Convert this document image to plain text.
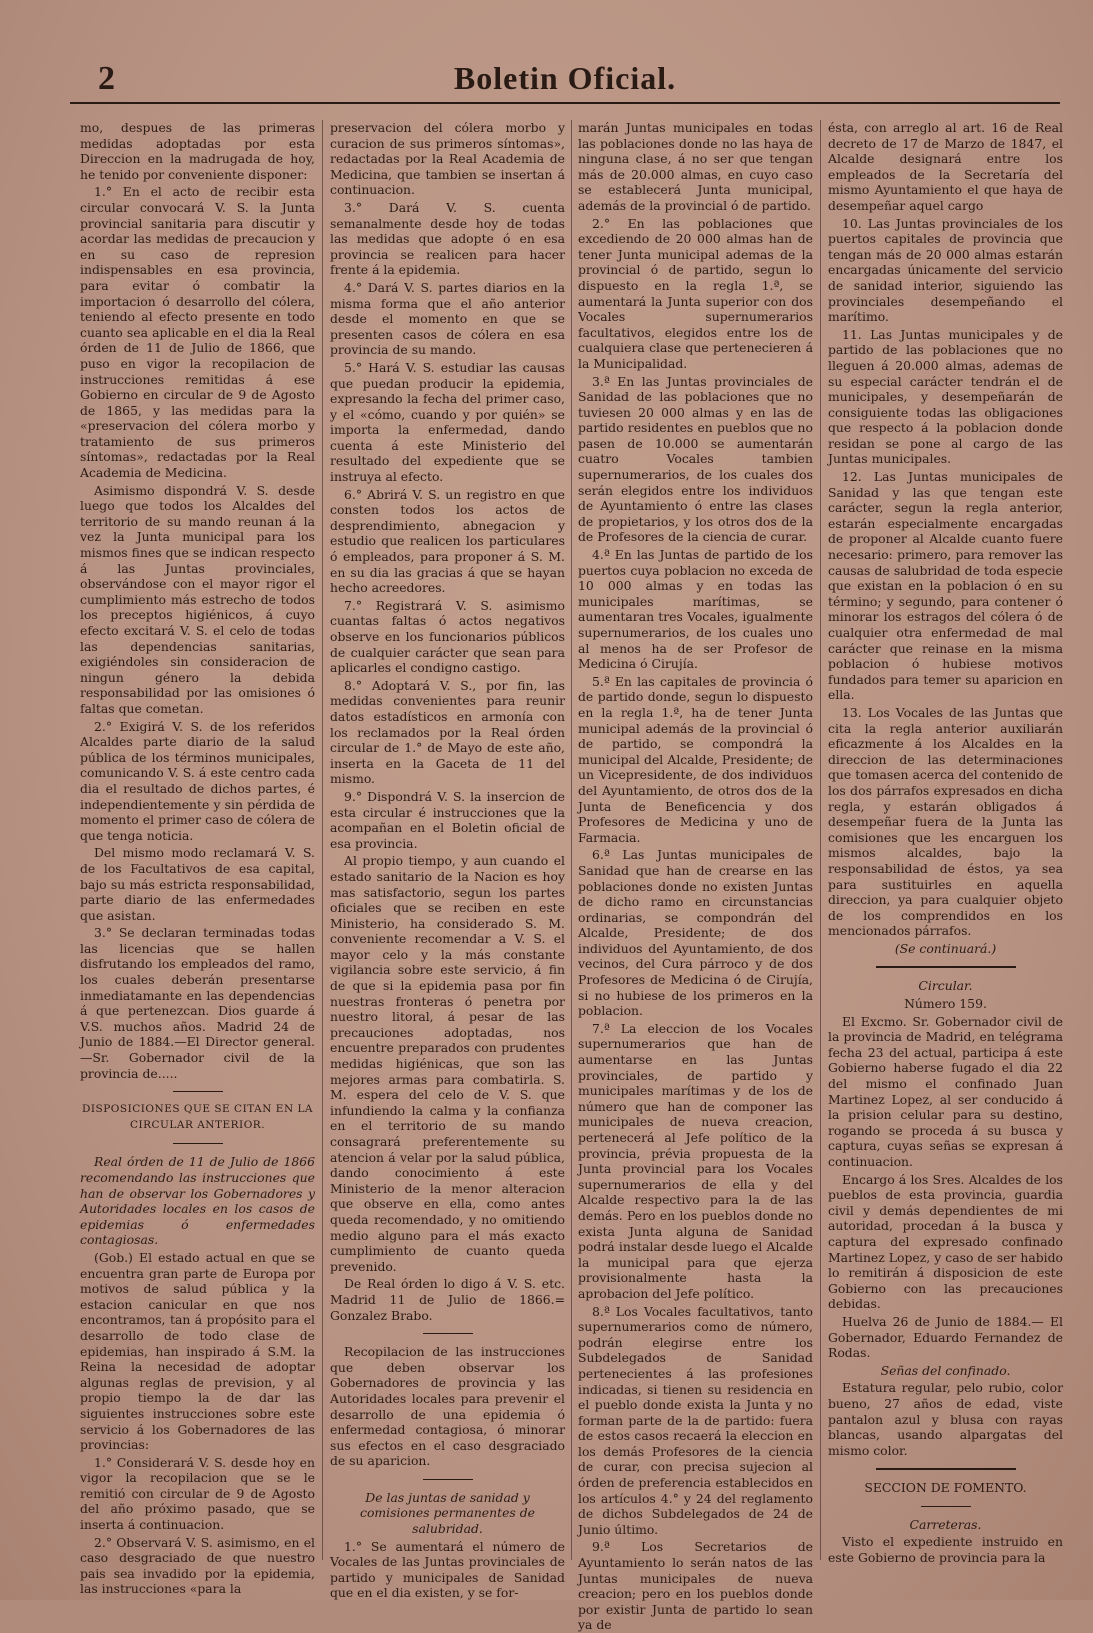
2	Boletin Oficial.

mo, despues de las primeras medidas adoptadas por esta Direccion en la madrugada de hoy, he tenido por conveniente disponer:

1.° En el acto de recibir esta circular convocará V. S. la Junta provincial sanitaria para discutir y acordar las medidas de precaucion y en su caso de represion indispensables en esa provincia, para evitar ó combatir la importacion ó desarrollo del cólera, teniendo al efecto presente en todo cuanto sea aplicable en el dia la Real órden de 11 de Julio de 1866, que puso en vigor la recopilacion de instrucciones remitidas á ese Gobierno en circular de 9 de Agosto de 1865, y las medidas para la «preservacion del cólera morbo y tratamiento de sus primeros síntomas», redactadas por la Real Academia de Medicina.

Asimismo dispondrá V. S. desde luego que todos los Alcaldes del territorio de su mando reunan á la vez la Junta municipal para los mismos fines que se indican respecto á las Juntas provinciales, observándose con el mayor rigor el cumplimiento más estrecho de todos los preceptos higiénicos, á cuyo efecto excitará V. S. el celo de todas las dependencias sanitarias, exigiéndoles sin consideracion de ningun género la debida responsabilidad por las omisiones ó faltas que cometan.

2.° Exigirá V. S. de los referidos Alcaldes parte diario de la salud pública de los términos municipales, comunicando V. S. á este centro cada dia el resultado de dichos partes, é independientemente y sin pérdida de momento el primer caso de cólera de que tenga noticia.

Del mismo modo reclamará V. S. de los Facultativos de esa capital, bajo su más estricta responsabilidad, parte diario de las enfermedades que asistan.

3.° Se declaran terminadas todas las licencias que se hallen disfrutando los empleados del ramo, los cuales deberán presentarse inmediatamante en las dependencias á que pertenezcan. Dios guarde á V.S. muchos años. Madrid 24 de Junio de 1884.—El Director general. —Sr. Gobernador civil de la provincia de.....

DISPOSICIONES QUE SE CITAN EN LA CIRCULAR ANTERIOR.

Real órden de 11 de Julio de 1866 recomendando las instrucciones que han de observar los Gobernadores y Autoridades locales en los casos de epidemias ó enfermedades contagiosas.

(Gob.) El estado actual en que se encuentra gran parte de Europa por motivos de salud pública y la estacion canicular en que nos encontramos, tan á propósito para el desarrollo de todo clase de epidemias, han inspirado á S.M. la Reina la necesidad de adoptar algunas reglas de prevision, y al propio tiempo la de dar las siguientes instrucciones sobre este servicio á los Gobernadores de las provincias:

1.° Considerará V. S. desde hoy en vigor la recopilacion que se le remitió con circular de 9 de Agosto del año próximo pasado, que se inserta á continuacion.

2.° Observará V. S. asimismo, en el caso desgraciado de que nuestro pais sea invadido por la epidemia, las instrucciones «para la

preservacion del cólera morbo y curacion de sus primeros síntomas», redactadas por la Real Academia de Medicina, que tambien se insertan á continuacion.

3.° Dará V. S. cuenta semanalmente desde hoy de todas las medidas que adopte ó en esa provincia se realicen para hacer frente á la epidemia.

4.° Dará V. S. partes diarios en la misma forma que el año anterior desde el momento en que se presenten casos de cólera en esa provincia de su mando.

5.° Hará V. S. estudiar las causas que puedan producir la epidemia, expresando la fecha del primer caso, y el «cómo, cuando y por quién» se importa la enfermedad, dando cuenta á este Ministerio del resultado del expediente que se instruya al efecto.

6.° Abrirá V. S. un registro en que consten todos los actos de desprendimiento, abnegacion y estudio que realicen los particulares ó empleados, para proponer á S. M. en su dia las gracias á que se hayan hecho acreedores.

7.° Registrará V. S. asimismo cuantas faltas ó actos negativos observe en los funcionarios públicos de cualquier carácter que sean para aplicarles el condigno castigo.

8.° Adoptará V. S., por fin, las medidas convenientes para reunir datos estadísticos en armonía con los reclamados por la Real órden circular de 1.° de Mayo de este año, inserta en la Gaceta de 11 del mismo.

9.° Dispondrá V. S. la insercion de esta circular é instrucciones que la acompañan en el Boletin oficial de esa provincia.

Al propio tiempo, y aun cuando el estado sanitario de la Nacion es hoy mas satisfactorio, segun los partes oficiales que se reciben en este Ministerio, ha considerado S. M. conveniente recomendar a V. S. el mayor celo y la más constante vigilancia sobre este servicio, á fin de que si la epidemia pasa por fin nuestras fronteras ó penetra por nuestro litoral, á pesar de las precauciones adoptadas, nos encuentre preparados con prudentes medidas higiénicas, que son las mejores armas para combatirla. S. M. espera del celo de V. S. que infundiendo la calma y la confianza en el territorio de su mando consagrará preferentemente su atencion á velar por la salud pública, dando conocimiento á este Ministerio de la menor alteracion que observe en ella, como antes queda recomendado, y no omitiendo medio alguno para el más exacto cumplimiento de cuanto queda prevenido.

De Real órden lo digo á V. S. etc. Madrid 11 de Julio de 1866.= Gonzalez Brabo.

Recopilacion de las instrucciones que deben observar los Gobernadores de provincia y las Autoridades locales para prevenir el desarrollo de una epidemia ó enfermedad contagiosa, ó minorar sus efectos en el caso desgraciado de su aparicion.

De las juntas de sanidad y comisiones permanentes de salubridad.

1.° Se aumentará el número de Vocales de las Juntas provinciales de partido y municipales de Sanidad que en el dia existen, y se for-

marán Juntas municipales en todas las poblaciones donde no las haya de ninguna clase, á no ser que tengan más de 20.000 almas, en cuyo caso se establecerá Junta municipal, además de la provincial ó de partido.

2.° En las poblaciones que excediendo de 20 000 almas han de tener Junta municipal ademas de la provincial ó de partido, segun lo dispuesto en la regla 1.ª, se aumentará la Junta superior con dos Vocales supernumerarios facultativos, elegidos entre los de cualquiera clase que pertenecieren á la Municipalidad.

3.ª En las Juntas provinciales de Sanidad de las poblaciones que no tuviesen 20 000 almas y en las de partido residentes en pueblos que no pasen de 10.000 se aumentarán cuatro Vocales tambien supernumerarios, de los cuales dos serán elegidos entre los individuos de Ayuntamiento ó entre las clases de propietarios, y los otros dos de la de Profesores de la ciencia de curar.

4.ª En las Juntas de partido de los puertos cuya poblacion no exceda de 10 000 almas y en todas las municipales marítimas, se aumentaran tres Vocales, igualmente supernumerarios, de los cuales uno al menos ha de ser Profesor de Medicina ó Cirujía.

5.ª En las capitales de provincia ó de partido donde, segun lo dispuesto en la regla 1.ª, ha de tener Junta municipal además de la provincial ó de partido, se compondrá la municipal del Alcalde, Presidente; de un Vicepresidente, de dos individuos del Ayuntamiento, de otros dos de la Junta de Beneficencia y dos Profesores de Medicina y uno de Farmacia.

6.ª Las Juntas municipales de Sanidad que han de crearse en las poblaciones donde no existen Juntas de dicho ramo en circunstancias ordinarias, se compondrán del Alcalde, Presidente; de dos individuos del Ayuntamiento, de dos vecinos, del Cura párroco y de dos Profesores de Medicina ó de Cirujía, si no hubiese de los primeros en la poblacion.

7.ª La eleccion de los Vocales supernumerarios que han de aumentarse en las Juntas provinciales, de partido y municipales marítimas y de los de número que han de componer las municipales de nueva creacion, pertenecerá al Jefe político de la provincia, prévia propuesta de la Junta provincial para los Vocales supernumerarios de ella y del Alcalde respectivo para la de las demás. Pero en los pueblos donde no exista Junta alguna de Sanidad podrá instalar desde luego el Alcalde la municipal para que ejerza provisionalmente hasta la aprobacion del Jefe político.

8.ª Los Vocales facultativos, tanto supernumerarios como de número, podrán elegirse entre los Subdelegados de Sanidad pertenecientes á las profesiones indicadas, si tienen su residencia en el pueblo donde exista la Junta y no forman parte de la de partido: fuera de estos casos recaerá la eleccion en los demás Profesores de la ciencia de curar, con precisa sujecion al órden de preferencia establecidos en los artículos 4.° y 24 del reglamento de dichos Subdelegados de 24 de Junio último.

9.ª Los Secretarios de Ayuntamiento lo serán natos de las Juntas municipales de nueva creacion; pero en los pueblos donde por existir Junta de partido lo sean ya de

ésta, con arreglo al art. 16 de Real decreto de 17 de Marzo de 1847, el Alcalde designará entre los empleados de la Secretaría del mismo Ayuntamiento el que haya de desempeñar aquel cargo

10. Las Juntas provinciales de los puertos capitales de provincia que tengan más de 20 000 almas estarán encargadas únicamente del servicio de sanidad interior, siguiendo las provinciales desempeñando el marítimo.

11. Las Juntas municipales y de partido de las poblaciones que no lleguen á 20.000 almas, ademas de su especial carácter tendrán el de municipales, y desempeñarán de consiguiente todas las obligaciones que respecto á la poblacion donde residan se pone al cargo de las Juntas municipales.

12. Las Juntas municipales de Sanidad y las que tengan este carácter, segun la regla anterior, estarán especialmente encargadas de proponer al Alcalde cuanto fuere necesario: primero, para remover las causas de salubridad de toda especie que existan en la poblacion ó en su término; y segundo, para contener ó minorar los estragos del cólera ó de cualquier otra enfermedad de mal carácter que reinase en la misma poblacion ó hubiese motivos fundados para temer su aparicion en ella.

13. Los Vocales de las Juntas que cita la regla anterior auxiliarán eficazmente á los Alcaldes en la direccion de las determinaciones que tomasen acerca del contenido de los dos párrafos expresados en dicha regla, y estarán obligados á desempeñar fuera de la Junta las comisiones que les encarguen los mismos alcaldes, bajo la responsabilidad de éstos, ya sea para sustituirles en aquella direccion, ya para cualquier objeto de los comprendidos en los mencionados párrafos.

(Se continuará.)

Circular.

Número 159.

El Excmo. Sr. Gobernador civil de la provincia de Madrid, en telégrama fecha 23 del actual, participa á este Gobierno haberse fugado el dia 22 del mismo el confinado Juan Martinez Lopez, al ser conducido á la prision celular para su destino, rogando se proceda á su busca y captura, cuyas señas se expresan á continuacion.

Encargo á los Sres. Alcaldes de los pueblos de esta provincia, guardia civil y demás dependientes de mi autoridad, procedan á la busca y captura del expresado confinado Martinez Lopez, y caso de ser habido lo remitirán á disposicion de este Gobierno con las precauciones debidas.

Huelva 26 de Junio de 1884.— El Gobernador, Eduardo Fernandez de Rodas.

Señas del confinado.

Estatura regular, pelo rubio, color bueno, 27 años de edad, viste pantalon azul y blusa con rayas blancas, usando alpargatas del mismo color.

SECCION DE FOMENTO.

Carreteras.

Visto el expediente instruido en este Gobierno de provincia para la
